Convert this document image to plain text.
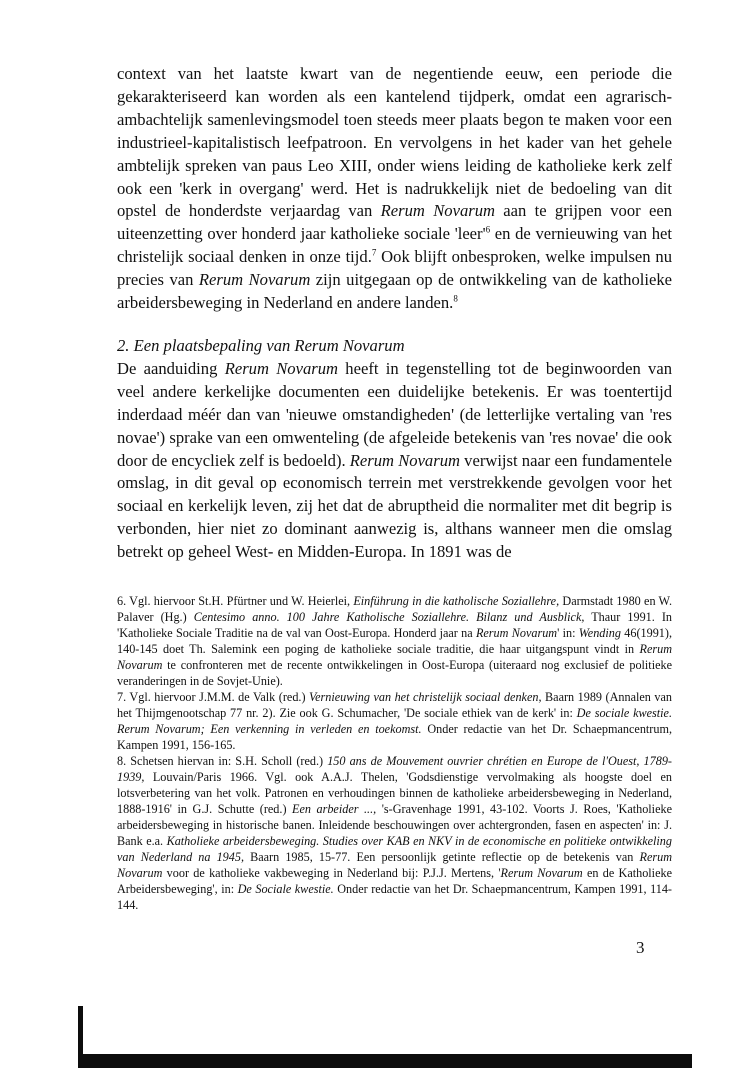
context van het laatste kwart van de negentiende eeuw, een periode die gekarakteriseerd kan worden als een kantelend tijdperk, omdat een agrarisch-ambachtelijk samenlevingsmodel toen steeds meer plaats begon te maken voor een industrieel-kapitalistisch leefpatroon. En vervolgens in het kader van het gehele ambtelijk spreken van paus Leo XIII, onder wiens leiding de katholieke kerk zelf ook een 'kerk in overgang' werd. Het is nadrukkelijk niet de bedoeling van dit opstel de honderdste verjaardag van Rerum Novarum aan te grijpen voor een uiteenzetting over honderd jaar katholieke sociale '$leer'^6$ en de vernieuwing van het christelijk sociaal denken in onze tijd.$^7$ Ook blijft onbesproken, welke impulsen nu precies van Rerum Novarum zijn uitgegaan op de ontwikkeling van de katholieke arbeidersbeweging in Nederland en andere landen.$^8$

2. Een plaatsbepaling van Rerum Novarum

De aanduiding Rerum Novarum heeft in tegenstelling tot de beginwoorden van veel andere kerkelijke documenten een duidelijke betekenis. Er was toentertijd inderdaad méér dan van 'nieuwe omstandigheden' (de letterlijke vertaling van 'res novae') sprake van een omwenteling (de afgeleide betekenis van 'res novae' die ook door de encycliek zelf is bedoeld). Rerum Novarum verwijst naar een fundamentele omslag, in dit geval op economisch terrein met verstrekkende gevolgen voor het sociaal en kerkelijk leven, zij het dat de abruptheid die normaliter met dit begrip is verbonden, hier niet zo dominant aanwezig is, althans wanneer men die omslag betrekt op geheel West- en Midden-Europa. In 1891 was de

6. Vgl. hiervoor St.H. Pfürtner und W. Heierlei, Einführung in die katholische Soziallehre, Darmstadt 1980 en W. Palaver (Hg.) Centesimo anno. 100 Jahre Katholische Soziallehre. Bilanz und Ausblick, Thaur 1991. In 'Katholieke Sociale Traditie na de val van Oost-Europa. Honderd jaar na Rerum Novarum' in: Wending 46(1991), 140-145 doet Th. Salemink een poging de katholieke sociale traditie, die haar uitgangspunt vindt in Rerum Novarum te confronteren met de recente ontwikkelingen in Oost-Europa (uiteraard nog exclusief de politieke veranderingen in de Sovjet-Unie).

7. Vgl. hiervoor J.M.M. de Valk (red.) Vernieuwing van het christelijk sociaal denken, Baarn 1989 (Annalen van het Thijmgenootschap 77 nr. 2). Zie ook G. Schumacher, 'De sociale ethiek van de kerk' in: De sociale kwestie. Rerum Novarum; Een verkenning in verleden en toekomst. Onder redactie van het Dr. Schaepmancentrum, Kampen 1991, 156-165.

8. Schetsen hiervan in: S.H. Scholl (red.) 150 ans de Mouvement ouvrier chrétien en Europe de l'Ouest, 1789-1939, Louvain/Paris 1966. Vgl. ook A.A.J. Thelen, 'Godsdienstige vervolmaking als hoogste doel en lotsverbetering van het volk. Patronen en verhoudingen binnen de katholieke arbeidersbeweging in Nederland, 1888-1916' in G.J. Schutte (red.) Een arbeider ..., 's-Gravenhage 1991, 43-102. Voorts J. Roes, 'Katholieke arbeidersbeweging in historische banen. Inleidende beschouwingen over achtergronden, fasen en aspecten' in: J. Bank e.a. Katholieke arbeidersbeweging. Studies over KAB en NKV in de economische en politieke ontwikkeling van Nederland na 1945, Baarn 1985, 15-77. Een persoonlijk getinte reflectie op de betekenis van Rerum Novarum voor de katholieke vakbeweging in Nederland bij: P.J.J. Mertens, 'Rerum Novarum en de Katholieke Arbeidersbeweging', in: De Sociale kwestie. Onder redactie van het Dr. Schaepmancentrum, Kampen 1991, 114-144.

3
